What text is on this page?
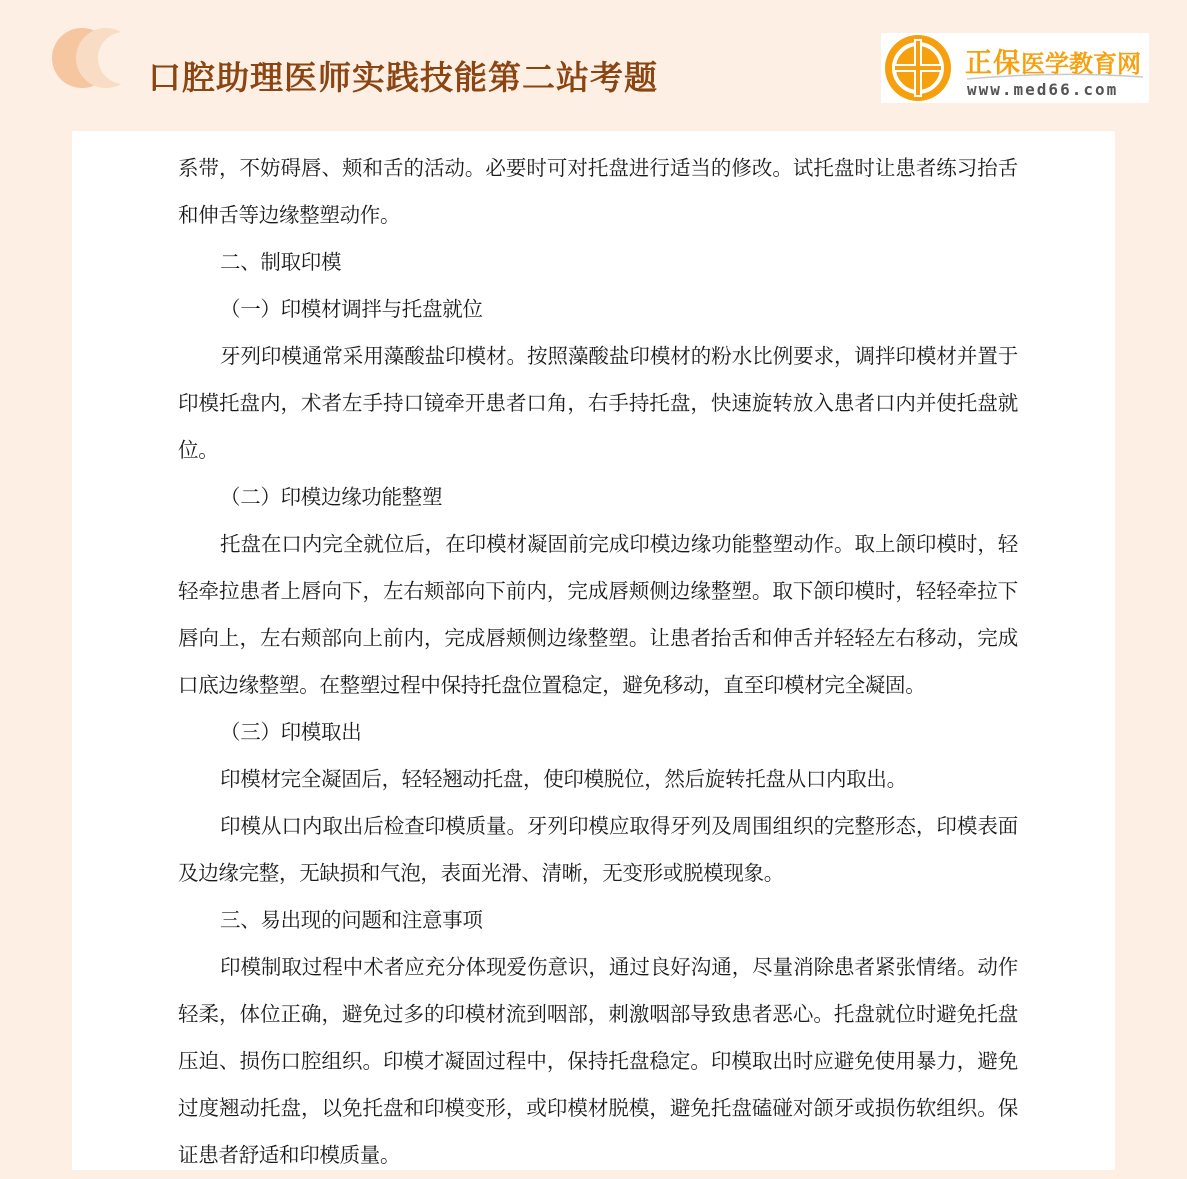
口腔助理医师实践技能第二站考题	正保医学教育网
www.med66.com

系带，不妨碍唇、颊和舌的活动。必要时可对托盘进行适当的修改。试托盘时让患者练习抬舌和伸舌等边缘整塑动作。

二、制取印模

（一）印模材调拌与托盘就位

牙列印模通常采用藻酸盐印模材。按照藻酸盐印模材的粉水比例要求，调拌印模材并置于印模托盘内，术者左手持口镜牵开患者口角，右手持托盘，快速旋转放入患者口内并使托盘就位。

（二）印模边缘功能整塑

托盘在口内完全就位后，在印模材凝固前完成印模边缘功能整塑动作。取上颌印模时，轻轻牵拉患者上唇向下，左右颊部向下前内，完成唇颊侧边缘整塑。取下颌印模时，轻轻牵拉下唇向上，左右颊部向上前内，完成唇颊侧边缘整塑。让患者抬舌和伸舌并轻轻左右移动，完成口底边缘整塑。在整塑过程中保持托盘位置稳定，避免移动，直至印模材完全凝固。

（三）印模取出

印模材完全凝固后，轻轻翘动托盘，使印模脱位，然后旋转托盘从口内取出。

印模从口内取出后检查印模质量。牙列印模应取得牙列及周围组织的完整形态，印模表面及边缘完整，无缺损和气泡，表面光滑、清晰，无变形或脱模现象。

三、易出现的问题和注意事项

印模制取过程中术者应充分体现爱伤意识，通过良好沟通，尽量消除患者紧张情绪。动作轻柔，体位正确，避免过多的印模材流到咽部，刺激咽部导致患者恶心。托盘就位时避免托盘压迫、损伤口腔组织。印模才凝固过程中，保持托盘稳定。印模取出时应避免使用暴力，避免过度翘动托盘，以免托盘和印模变形，或印模材脱模，避免托盘磕碰对颌牙或损伤软组织。保证患者舒适和印模质量。
